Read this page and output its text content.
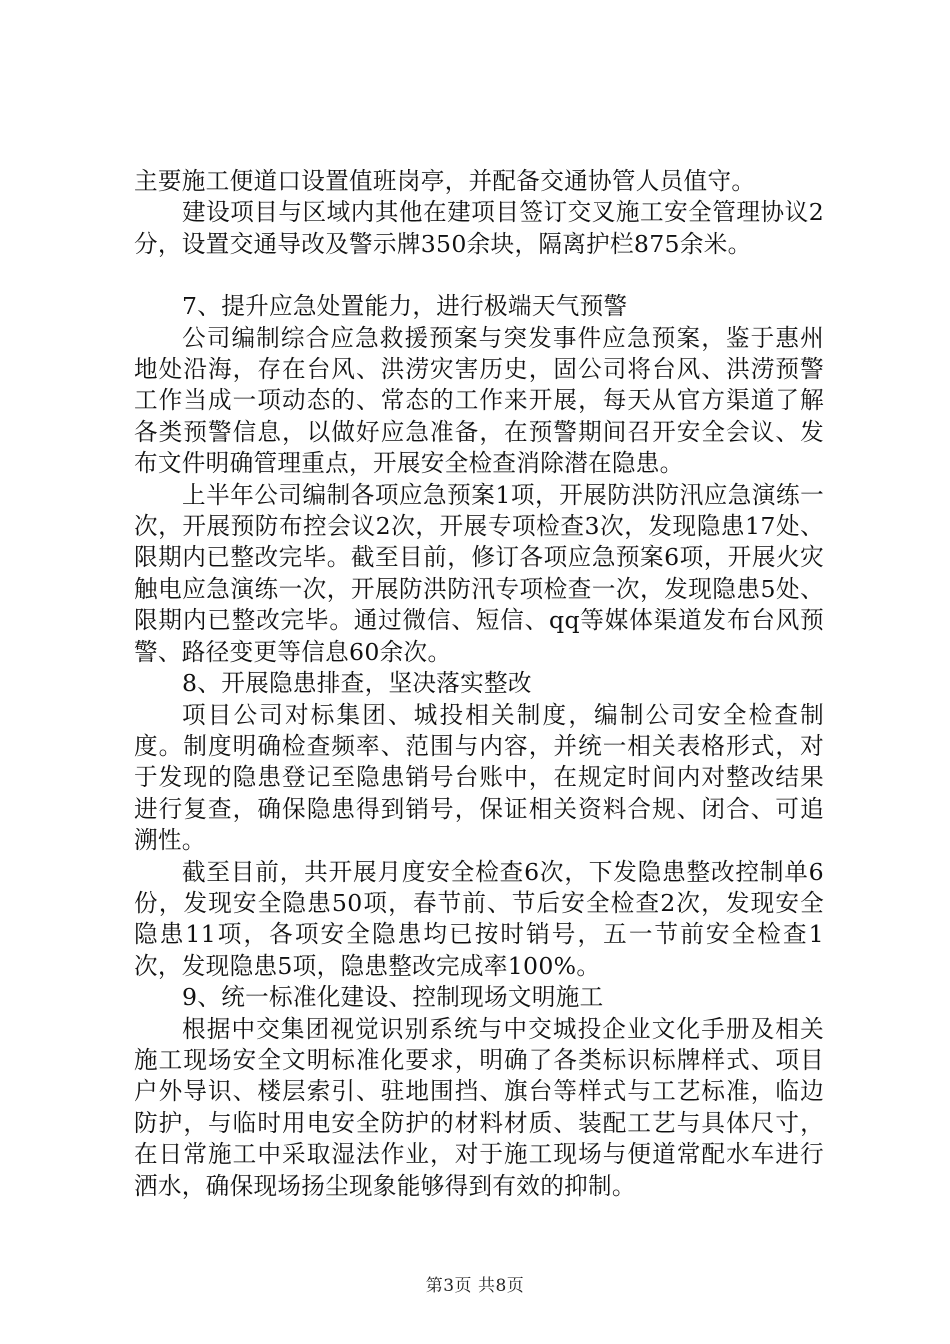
主要施工便道口设置值班岗亭，并配备交通协管人员值守。

建设项目与区域内其他在建项目签订交叉施工安全管理协议2分，设置交通导改及警示牌350余块，隔离护栏875余米。

7、提升应急处置能力，进行极端天气预警

公司编制综合应急救援预案与突发事件应急预案，鉴于惠州地处沿海，存在台风、洪涝灾害历史，固公司将台风、洪涝预警工作当成一项动态的、常态的工作来开展，每天从官方渠道了解各类预警信息，以做好应急准备，在预警期间召开安全会议、发布文件明确管理重点，开展安全检查消除潜在隐患。

上半年公司编制各项应急预案1项，开展防洪防汛应急演练一次，开展预防布控会议2次，开展专项检查3次，发现隐患17处、限期内已整改完毕。截至目前，修订各项应急预案6项，开展火灾触电应急演练一次，开展防洪防汛专项检查一次，发现隐患5处、限期内已整改完毕。通过微信、短信、qq等媒体渠道发布台风预警、路径变更等信息60余次。

8、开展隐患排查，坚决落实整改

项目公司对标集团、城投相关制度，编制公司安全检查制度。制度明确检查频率、范围与内容，并统一相关表格形式，对于发现的隐患登记至隐患销号台账中，在规定时间内对整改结果进行复查，确保隐患得到销号，保证相关资料合规、闭合、可追溯性。

截至目前，共开展月度安全检查6次，下发隐患整改控制单6份，发现安全隐患50项，春节前、节后安全检查2次，发现安全隐患11项，各项安全隐患均已按时销号，五一节前安全检查1次，发现隐患5项，隐患整改完成率100%。

9、统一标准化建设、控制现场文明施工

根据中交集团视觉识别系统与中交城投企业文化手册及相关施工现场安全文明标准化要求，明确了各类标识标牌样式、项目户外导识、楼层索引、驻地围挡、旗台等样式与工艺标准，临边防护，与临时用电安全防护的材料材质、装配工艺与具体尺寸，在日常施工中采取湿法作业，对于施工现场与便道常配水车进行洒水，确保现场扬尘现象能够得到有效的抑制。

第3页 共8页
